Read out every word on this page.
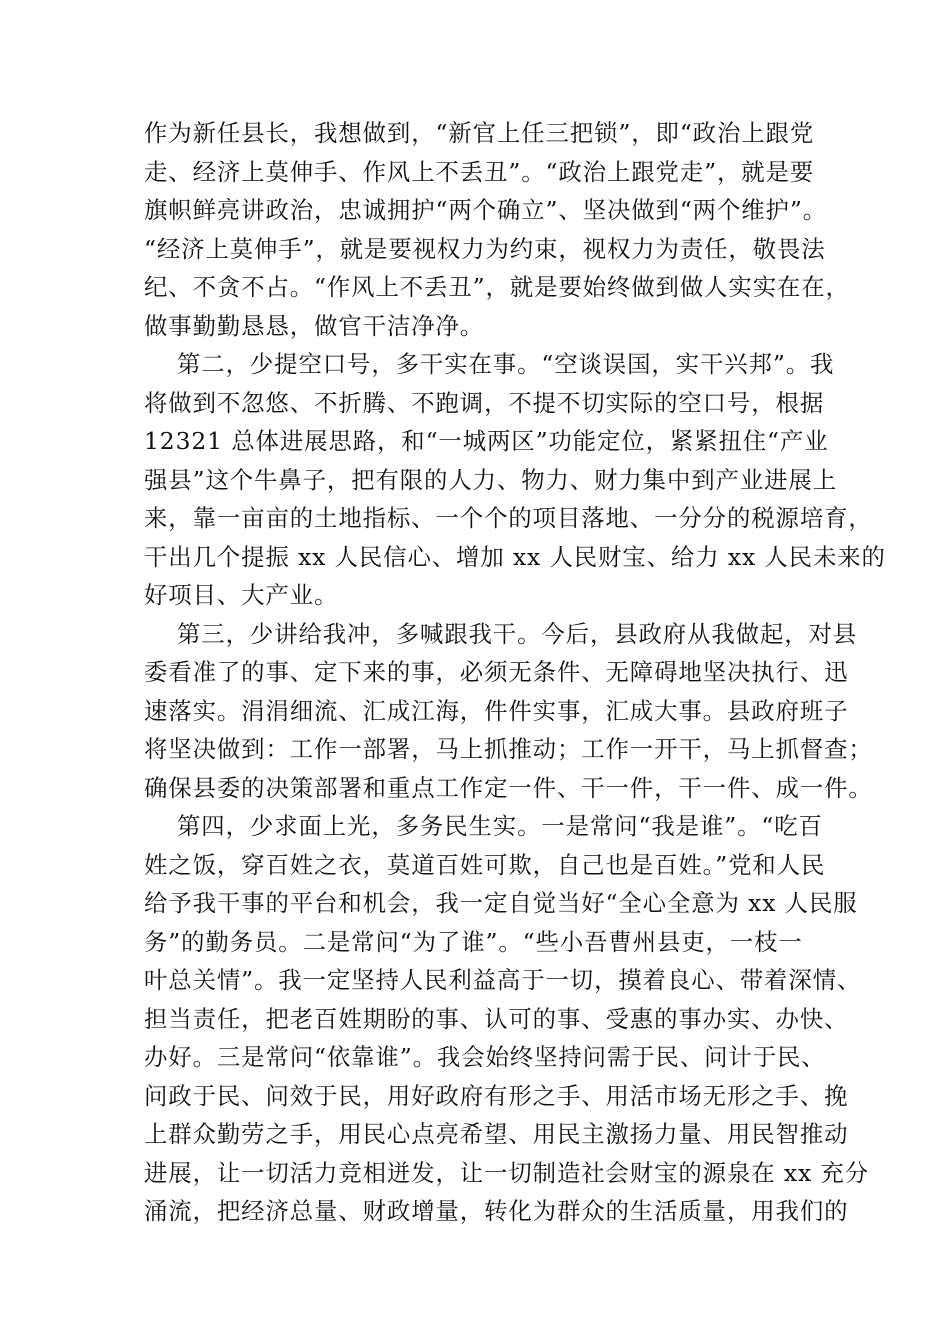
作为新任县长，我想做到，“新官上任三把锁”，即“政治上跟党
走、经济上莫伸手、作风上不丢丑”。“政治上跟党走”，就是要
旗帜鲜亮讲政治，忠诚拥护“两个确立”、坚决做到“两个维护”。
“经济上莫伸手”，就是要视权力为约束，视权力为责任，敬畏法
纪、不贪不占。“作风上不丢丑”，就是要始终做到做人实实在在，
做事勤勤恳恳，做官干洁净净。
第二，少提空口号，多干实在事。“空谈误国，实干兴邦”。我
将做到不忽悠、不折腾、不跑调，不提不切实际的空口号，根据
12321 总体进展思路，和“一城两区”功能定位，紧紧扭住“产业
强县”这个牛鼻子，把有限的人力、物力、财力集中到产业进展上
来，靠一亩亩的土地指标、一个个的项目落地、一分分的税源培育，
干出几个提振 xx 人民信心、增加 xx 人民财宝、给力 xx 人民未来的
好项目、大产业。
第三，少讲给我冲，多喊跟我干。今后，县政府从我做起，对县
委看准了的事、定下来的事，必须无条件、无障碍地坚决执行、迅
速落实。涓涓细流、汇成江海，件件实事，汇成大事。县政府班子
将坚决做到：工作一部署，马上抓推动；工作一开干，马上抓督查；
确保县委的决策部署和重点工作定一件、干一件，干一件、成一件。
第四，少求面上光，多务民生实。一是常问“我是谁”。“吃百
姓之饭，穿百姓之衣，莫道百姓可欺，自己也是百姓。”党和人民
给予我干事的平台和机会，我一定自觉当好“全心全意为 xx 人民服
务”的勤务员。二是常问“为了谁”。“些小吾曹州县吏，一枝一
叶总关情”。我一定坚持人民利益高于一切，摸着良心、带着深情、
担当责任，把老百姓期盼的事、认可的事、受惠的事办实、办快、
办好。三是常问“依靠谁”。我会始终坚持问需于民、问计于民、
问政于民、问效于民，用好政府有形之手、用活市场无形之手、挽
上群众勤劳之手，用民心点亮希望、用民主激扬力量、用民智推动
进展，让一切活力竞相迸发，让一切制造社会财宝的源泉在 xx 充分
涌流，把经济总量、财政增量，转化为群众的生活质量，用我们的
